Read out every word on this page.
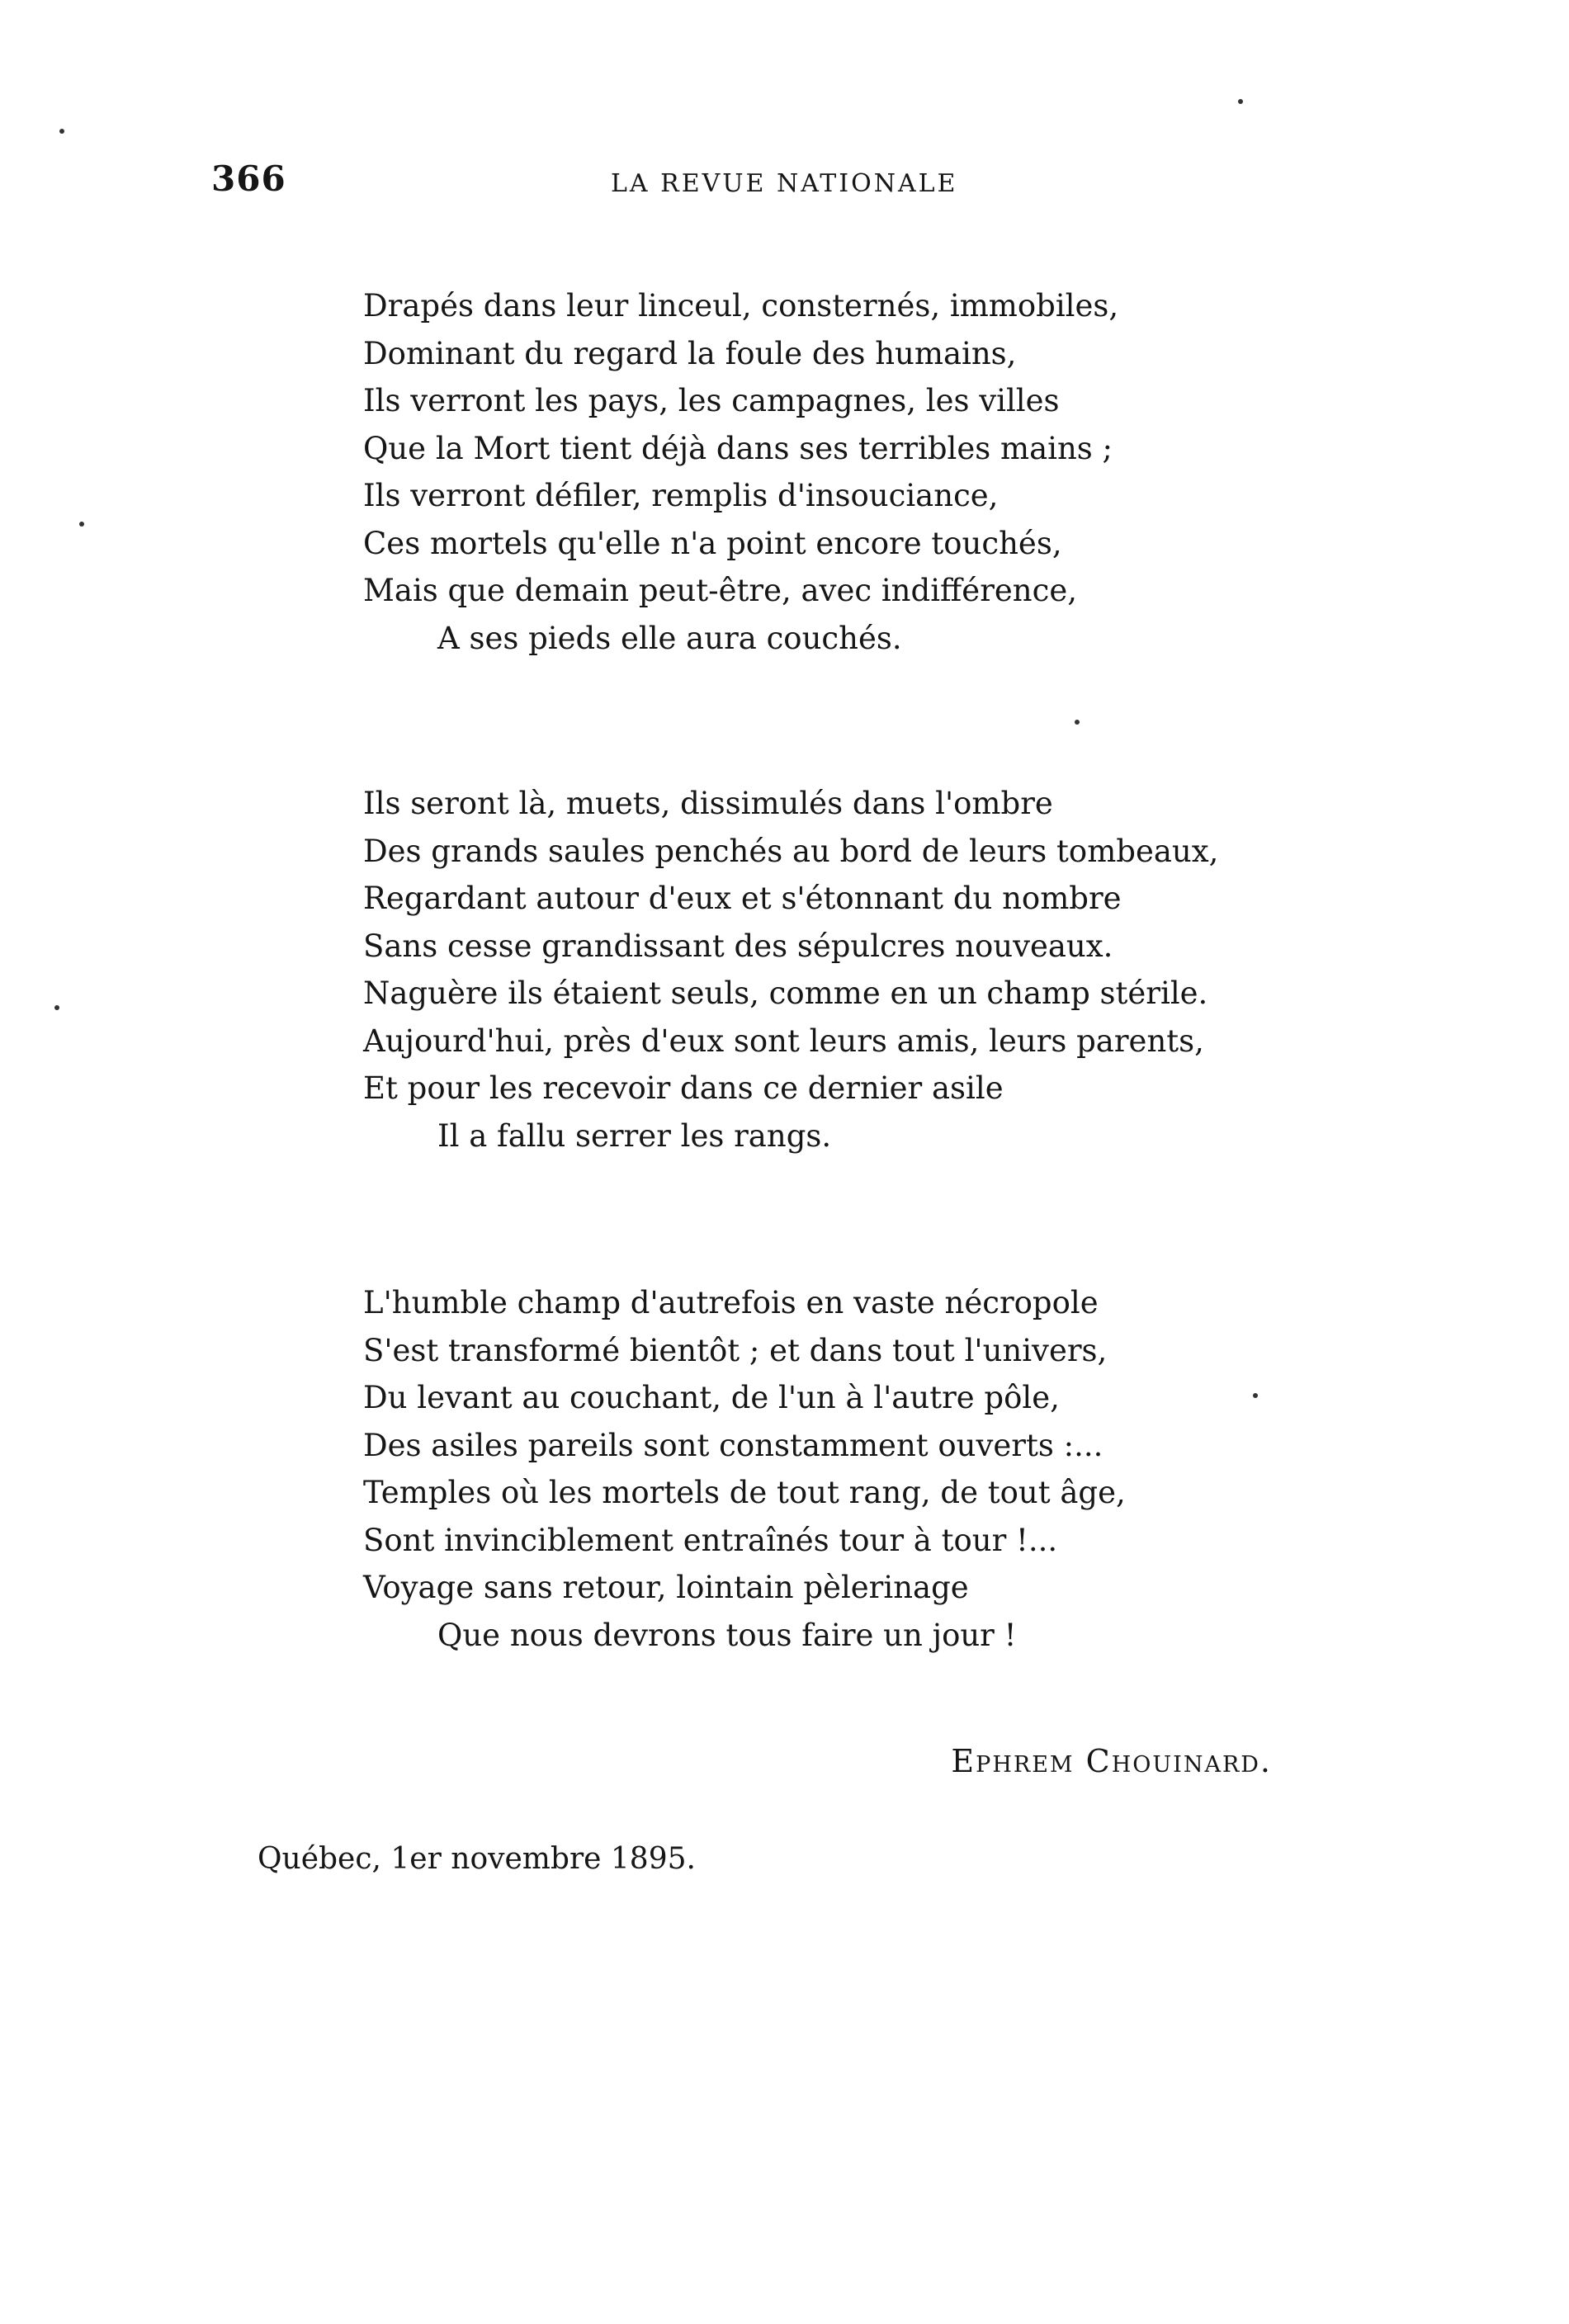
366	LA REVUE NATIONALE
Drapés dans leur linceul, consternés, immobiles,
Dominant du regard la foule des humains,
Ils verront les pays, les campagnes, les villes
Que la Mort tient déjà dans ses terribles mains ;
Ils verront défiler, remplis d'insouciance,
Ces mortels qu'elle n'a point encore touchés,
Mais que demain peut-être, avec indifférence,
A ses pieds elle aura couchés.
Ils seront là, muets, dissimulés dans l'ombre
Des grands saules penchés au bord de leurs tombeaux,
Regardant autour d'eux et s'étonnant du nombre
Sans cesse grandissant des sépulcres nouveaux.
Naguère ils étaient seuls, comme en un champ stérile.
Aujourd'hui, près d'eux sont leurs amis, leurs parents,
Et pour les recevoir dans ce dernier asile
Il a fallu serrer les rangs.
L'humble champ d'autrefois en vaste nécropole
S'est transformé bientôt ; et dans tout l'univers,
Du levant au couchant, de l'un à l'autre pôle,
Des asiles pareils sont constamment ouverts :...
Temples où les mortels de tout rang, de tout âge,
Sont invinciblement entraînés tour à tour !...
Voyage sans retour, lointain pèlerinage
Que nous devrons tous faire un jour !
Ephrem Chouinard.
Québec, 1er novembre 1895.
